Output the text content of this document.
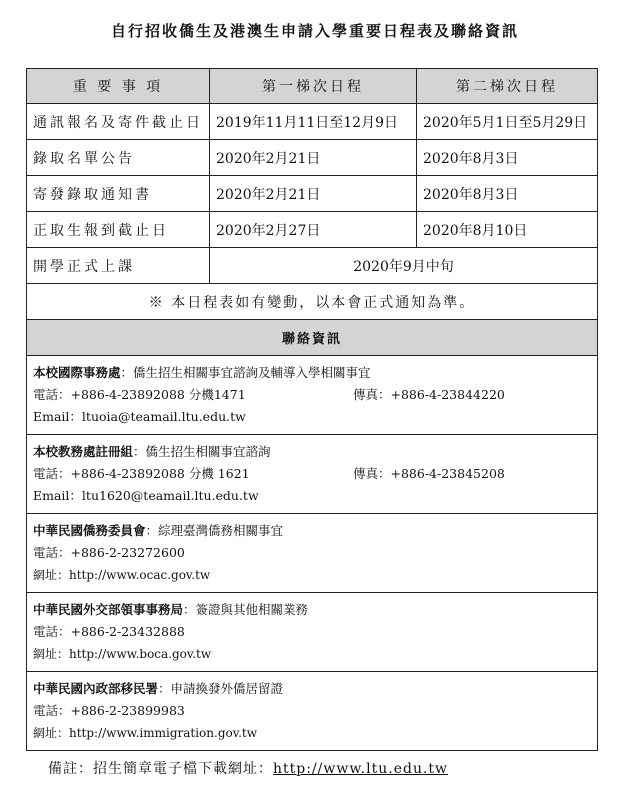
自行招收僑生及港澳生申請入學重要日程表及聯絡資訊
重 要 事 項	第一梯次日程	第二梯次日程
通訊報名及寄件截止日	2019年11月11日至12月9日	2020年5月1日至5月29日
錄取名單公告	2020年2月21日	2020年8月3日
寄發錄取通知書	2020年2月21日	2020年8月3日
正取生報到截止日	2020年2月27日	2020年8月10日
開學正式上課	2020年9月中旬	
※ 本日程表如有變動，以本會正式通知為準。		
聯絡資訊		

本校國際事務處：僑生招生相關事宜諮詢及輔導入學相關事宜
電話：+886-4-23892088 分機1471 傳真：+886-4-23844220
Email：ltuoia@teamail.ltu.edu.tw		

本校教務處註冊組：僑生招生相關事宜諮詢
電話：+886-4-23892088 分機 1621 傳真：+886-4-23845208
Email：ltu1620@teamail.ltu.edu.tw		

中華民國僑務委員會：綜理臺灣僑務相關事宜
電話：+886-2-23272600
網址：http://www.ocac.gov.tw		

中華民國外交部領事事務局：簽證與其他相關業務
電話：+886-2-23432888
網址：http://www.boca.gov.tw		

中華民國內政部移民署：申請換發外僑居留證
電話：+886-2-23899983
網址：http://www.immigration.gov.tw		
備註：招生簡章電子檔下載網址：http://www.ltu.edu.tw
